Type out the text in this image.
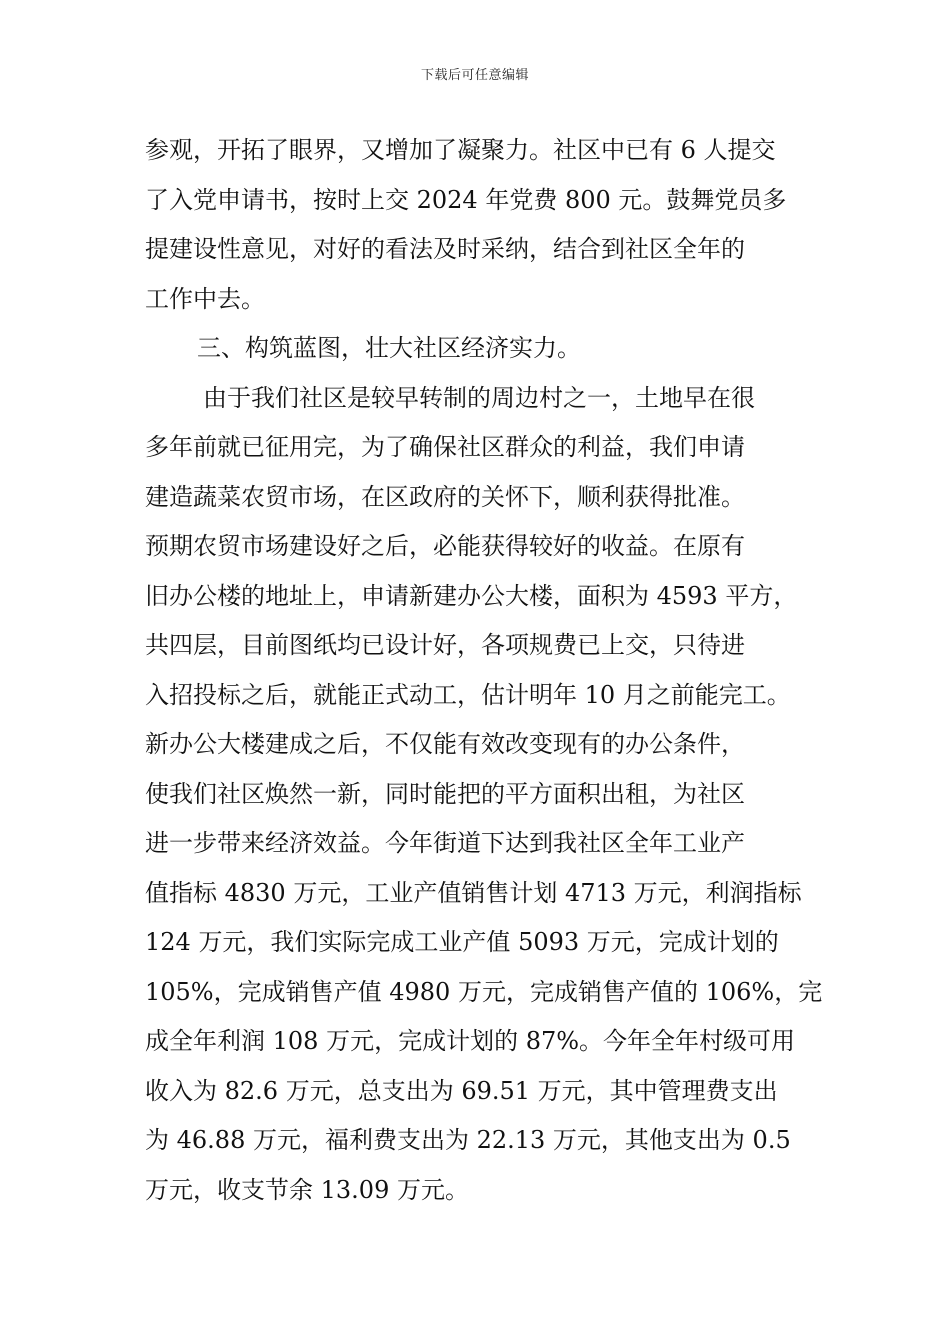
下载后可任意编辑
参观，开拓了眼界，又增加了凝聚力。社区中已有 6 人提交
了入党申请书，按时上交 2024 年党费 800 元。鼓舞党员多
提建设性意见，对好的看法及时采纳，结合到社区全年的
工作中去。
三、构筑蓝图，壮大社区经济实力。
由于我们社区是较早转制的周边村之一，土地早在很
多年前就已征用完，为了确保社区群众的利益，我们申请
建造蔬菜农贸市场，在区政府的关怀下，顺利获得批准。
预期农贸市场建设好之后，必能获得较好的收益。在原有
旧办公楼的地址上，申请新建办公大楼，面积为 4593 平方，
共四层，目前图纸均已设计好，各项规费已上交，只待进
入招投标之后，就能正式动工，估计明年 10 月之前能完工。
新办公大楼建成之后，不仅能有效改变现有的办公条件，
使我们社区焕然一新，同时能把的平方面积出租，为社区
进一步带来经济效益。今年街道下达到我社区全年工业产
值指标 4830 万元，工业产值销售计划 4713 万元，利润指标
124 万元，我们实际完成工业产值 5093 万元，完成计划的
105%，完成销售产值 4980 万元，完成销售产值的 106%，完
成全年利润 108 万元，完成计划的 87%。今年全年村级可用
收入为 82.6 万元，总支出为 69.51 万元，其中管理费支出
为 46.88 万元，福利费支出为 22.13 万元，其他支出为 0.5
万元，收支节余 13.09 万元。
